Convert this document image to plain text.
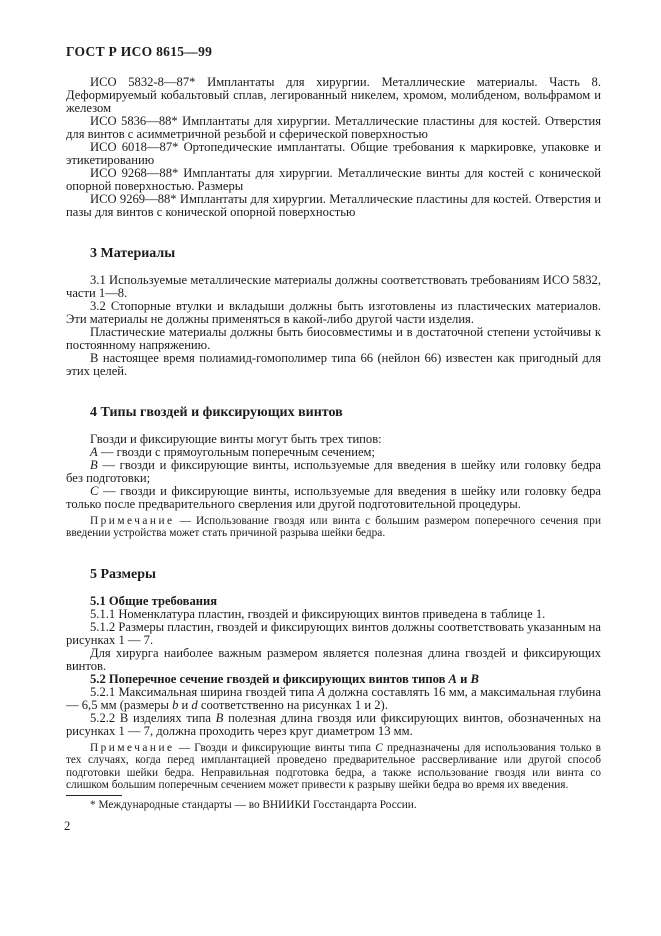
ГОСТ Р ИСО 8615—99

ИСО 5832-8—87* Имплантаты для хирургии. Металлические материалы. Часть 8. Деформируемый кобальтовый сплав, легированный никелем, хромом, молибденом, вольфрамом и железом

ИСО 5836—88* Имплантаты для хирургии. Металлические пластины для костей. Отверстия для винтов с асимметричной резьбой и сферической поверхностью

ИСО 6018—87* Ортопедические имплантаты. Общие требования к маркировке, упаковке и этикетированию

ИСО 9268—88* Имплантаты для хирургии. Металлические винты для костей с конической опорной поверхностью. Размеры

ИСО 9269—88* Имплантаты для хирургии. Металлические пластины для костей. Отверстия и пазы для винтов с конической опорной поверхностью

3 Материалы

3.1 Используемые металлические материалы должны соответствовать требованиям ИСО 5832, части 1—8.

3.2 Стопорные втулки и вкладыши должны быть изготовлены из пластических материалов. Эти материалы не должны применяться в какой-либо другой части изделия.

Пластические материалы должны быть биосовместимы и в достаточной степени устойчивы к постоянному напряжению.

В настоящее время полиамид-гомополимер типа 66 (нейлон 66) известен как пригодный для этих целей.

4 Типы гвоздей и фиксирующих винтов

Гвозди и фиксирующие винты могут быть трех типов:

А — гвозди с прямоугольным поперечным сечением;

В — гвозди и фиксирующие винты, используемые для введения в шейку или головку бедра без подготовки;

С — гвозди и фиксирующие винты, используемые для введения в шейку или головку бедра только после предварительного сверления или другой подготовительной процедуры.

Примечание — Использование гвоздя или винта с большим размером поперечного сечения при введении устройства может стать причиной разрыва шейки бедра.

5 Размеры
5.1 Общие требования

5.1.1 Номенклатура пластин, гвоздей и фиксирующих винтов приведена в таблице 1.

5.1.2 Размеры пластин, гвоздей и фиксирующих винтов должны соответствовать указанным на рисунках 1 — 7.

Для хирурга наиболее важным размером является полезная длина гвоздей и фиксирующих винтов.

5.2 Поперечное сечение гвоздей и фиксирующих винтов типов А и В

5.2.1 Максимальная ширина гвоздей типа А должна составлять 16 мм, а максимальная глубина — 6,5 мм (размеры b и d соответственно на рисунках 1 и 2).

5.2.2 В изделиях типа В полезная длина гвоздя или фиксирующих винтов, обозначенных на рисунках 1 — 7, должна проходить через круг диаметром 13 мм.

Примечание — Гвозди и фиксирующие винты типа С предназначены для использования только в тех случаях, когда перед имплантацией проведено предварительное рассверливание или другой способ подготовки шейки бедра. Неправильная подготовка бедра, а также использование гвоздя или винта со слишком большим поперечным сечением может привести к разрыву шейки бедра во время их введения.

* Международные стандарты — во ВНИИКИ Госстандарта России.

2
